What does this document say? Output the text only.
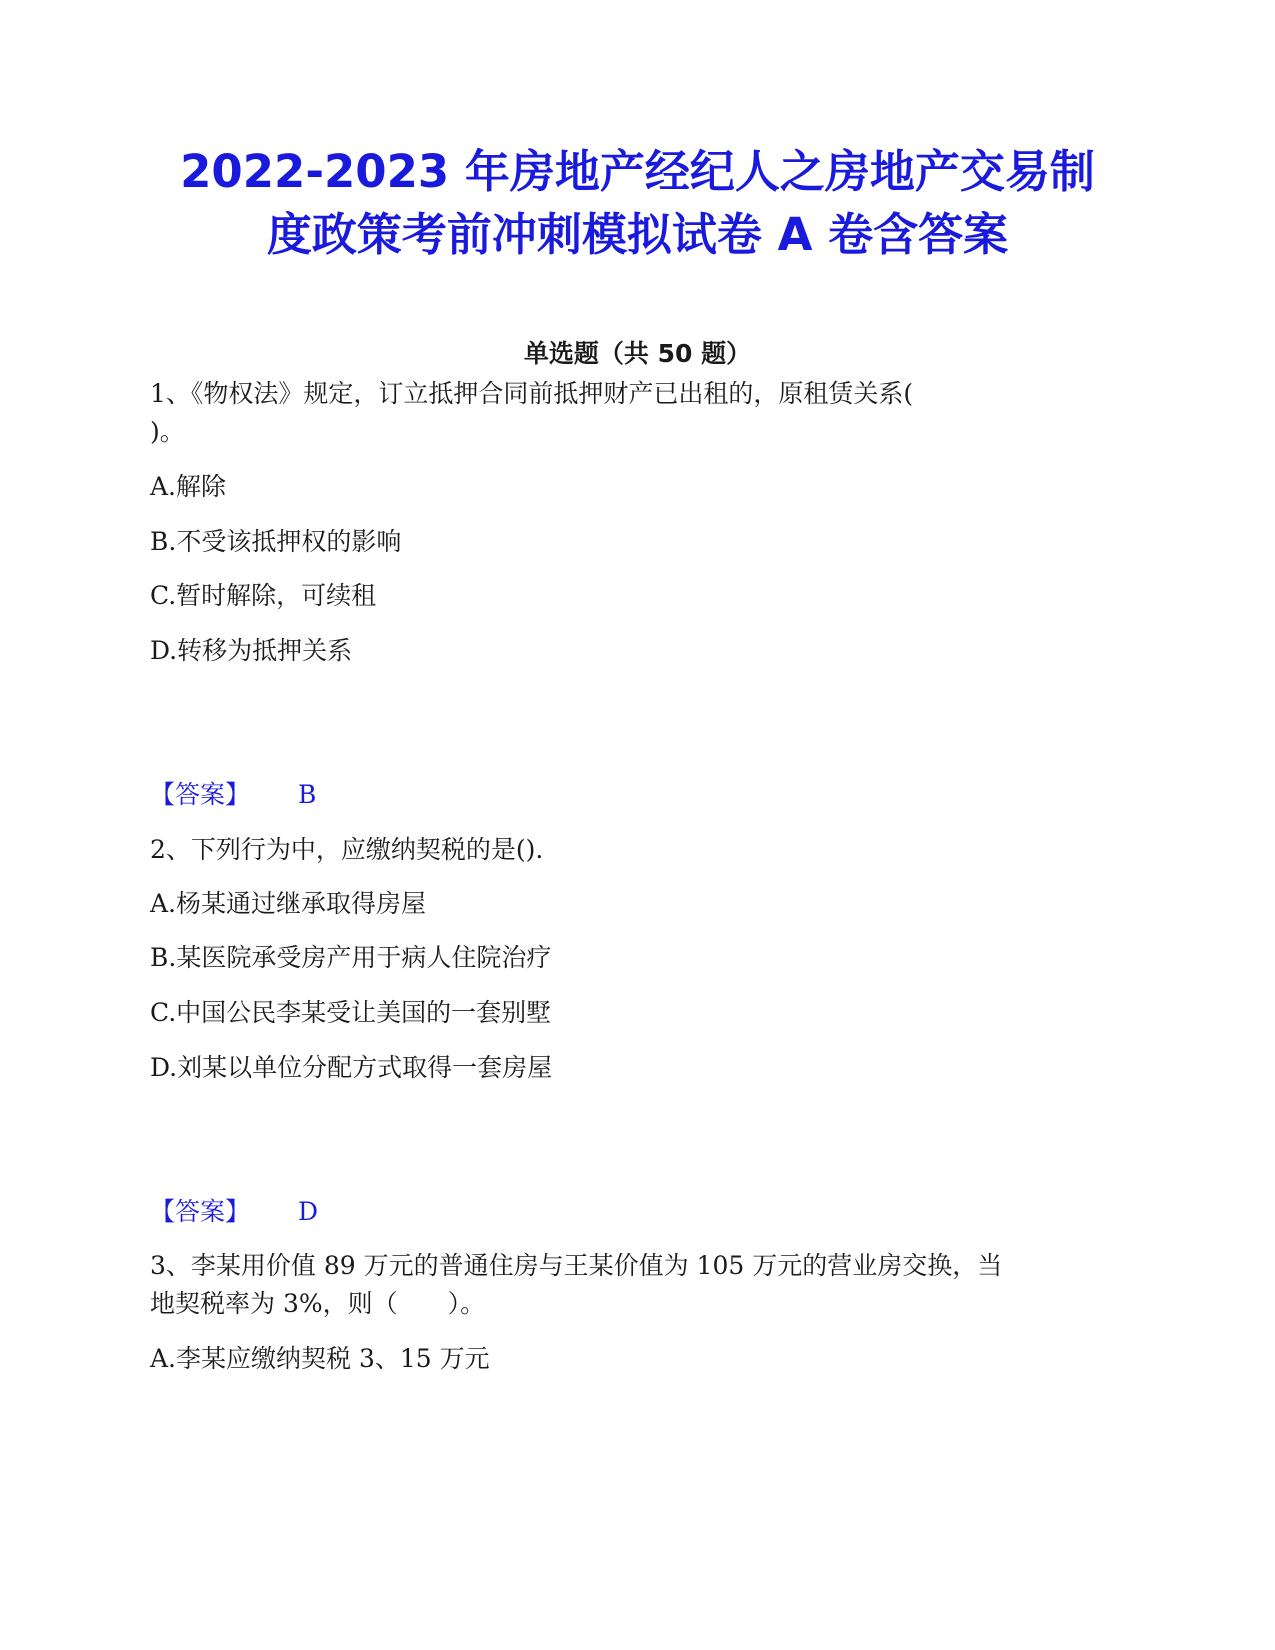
2022-2023 年房地产经纪人之房地产交易制
度政策考前冲刺模拟试卷 A 卷含答案
单选题（共 50 题）
1、《物权法》规定，订立抵押合同前抵押财产已出租的，原租赁关系(
)。
A.解除
B.不受该抵押权的影响
C.暂时解除，可续租
D.转移为抵押关系
【答案】 B
2、下列行为中，应缴纳契税的是().
A.杨某通过继承取得房屋
B.某医院承受房产用于病人住院治疗
C.中国公民李某受让美国的一套别墅
D.刘某以单位分配方式取得一套房屋
【答案】 D
3、李某用价值 89 万元的普通住房与王某价值为 105 万元的营业房交换，当
地契税率为 3%，则（　　）。
A.李某应缴纳契税 3、15 万元
